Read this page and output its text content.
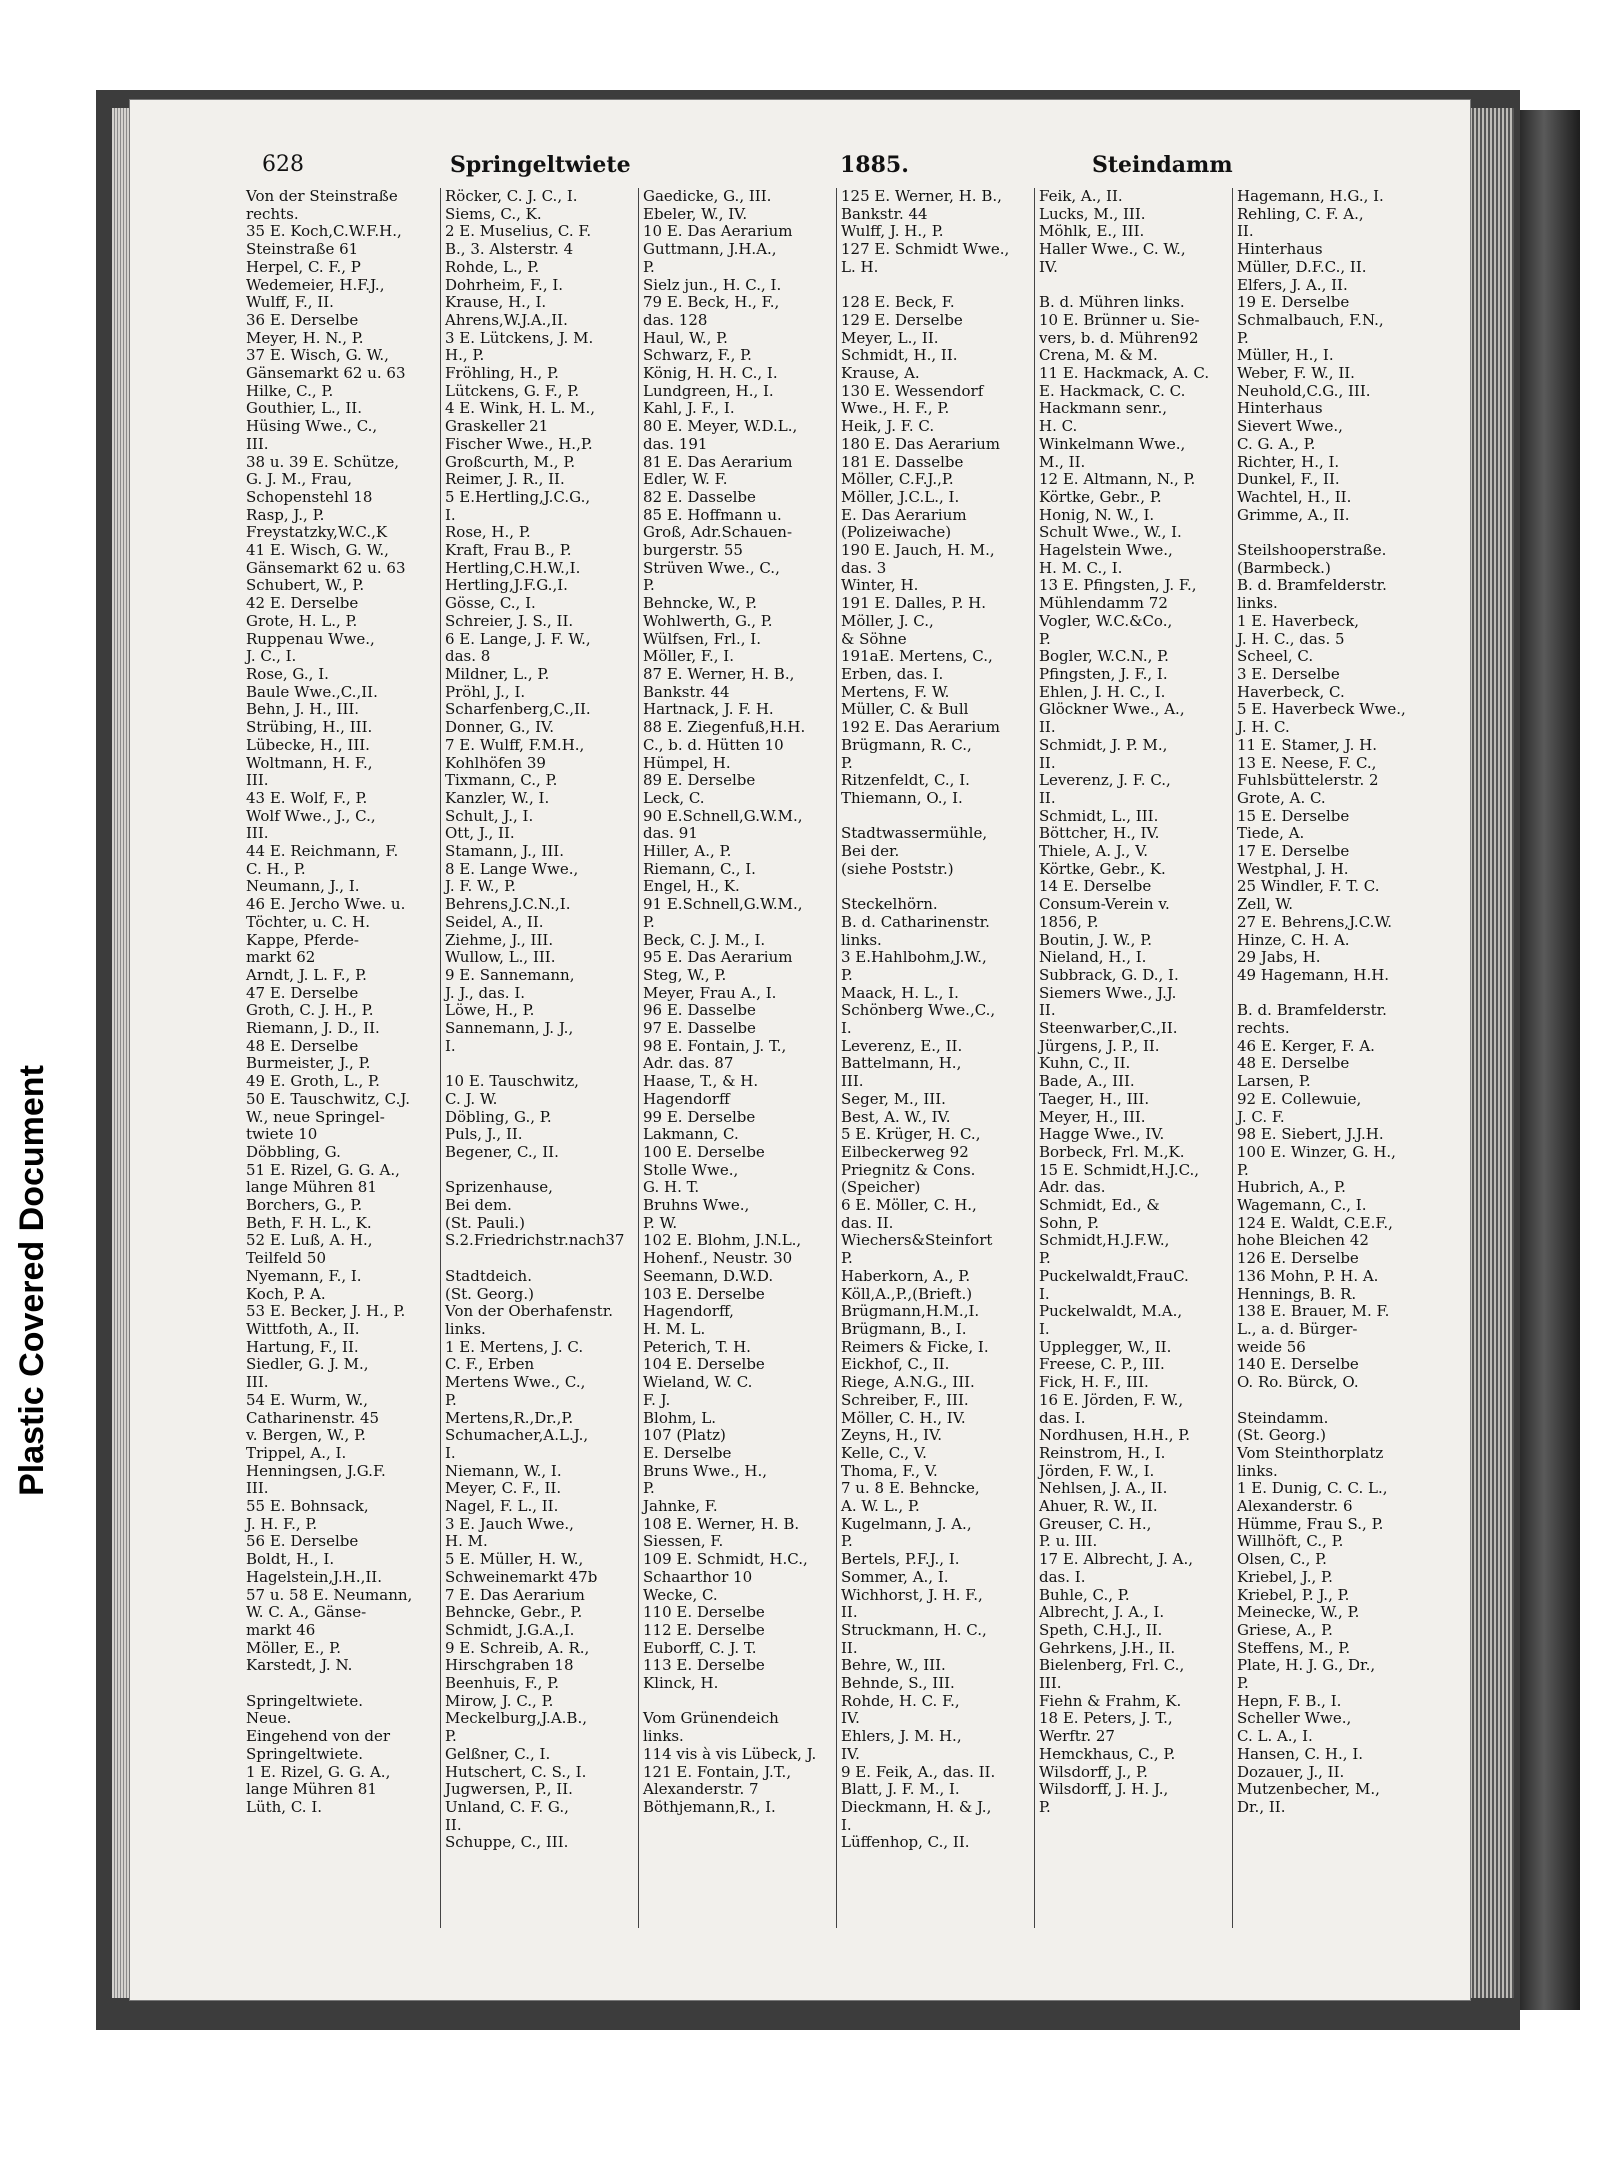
Plastic Covered Document
628	Springeltwiete	1885.	Steindamm
Von der Steinstraße
rechts.
35 E. Koch,C.W.F.H.,
Steinstraße 61
Herpel, C. F., P
Wedemeier, H.F.J.,
Wulff, F., II.
36 E. Derselbe
Meyer, H. N., P.
37 E. Wisch, G. W.,
Gänsemarkt 62 u. 63
Hilke, C., P.
Gouthier, L., II.
Hüsing Wwe., C.,
III.
38 u. 39 E. Schütze,
G. J. M., Frau,
Schopenstehl 18
Rasp, J., P.
Freystatzky,W.C.,K
41 E. Wisch, G. W.,
Gänsemarkt 62 u. 63
Schubert, W., P.
42 E. Derselbe
Grote, H. L., P.
Ruppenau Wwe.,
J. C., I.
Rose, G., I.
Baule Wwe.,C.,II.
Behn, J. H., III.
Strübing, H., III.
Lübecke, H., III.
Woltmann, H. F.,
III.
43 E. Wolf, F., P.
Wolf Wwe., J., C.,
III.
44 E. Reichmann, F.
C. H., P.
Neumann, J., I.
46 E. Jercho Wwe. u.
Töchter, u. C. H.
Kappe, Pferde-
markt 62
Arndt, J. L. F., P.
47 E. Derselbe
Groth, C. J. H., P.
Riemann, J. D., II.
48 E. Derselbe
Burmeister, J., P.
49 E. Groth, L., P.
50 E. Tauschwitz, C.J.
W., neue Springel-
twiete 10
Döbbling, G.
51 E. Rizel, G. G. A.,
lange Mühren 81
Borchers, G., P.
Beth, F. H. L., K.
52 E. Luß, A. H.,
Teilfeld 50
Nyemann, F., I.
Koch, P. A.
53 E. Becker, J. H., P.
Wittfoth, A., II.
Hartung, F., II.
Siedler, G. J. M.,
III.
54 E. Wurm, W.,
Catharinenstr. 45
v. Bergen, W., P.
Trippel, A., I.
Henningsen, J.G.F.
III.
55 E. Bohnsack,
J. H. F., P.
56 E. Derselbe
Boldt, H., I.
Hagelstein,J.H.,II.
57 u. 58 E. Neumann,
W. C. A., Gänse-
markt 46
Möller, E., P.
Karstedt, J. N.

Springeltwiete.
Neue.
Eingehend von der
Springeltwiete.
1 E. Rizel, G. G. A.,
lange Mühren 81
Lüth, C. I.
Röcker, C. J. C., I.
Siems, C., K.
2 E. Muselius, C. F.
B., 3. Alsterstr. 4
Rohde, L., P.
Dohrheim, F., I.
Krause, H., I.
Ahrens,W.J.A.,II.
3 E. Lütckens, J. M.
H., P.
Fröhling, H., P.
Lütckens, G. F., P.
4 E. Wink, H. L. M.,
Graskeller 21
Fischer Wwe., H.,P.
Großcurth, M., P.
Reimer, J. R., II.
5 E.Hertling,J.C.G.,
I.
Rose, H., P.
Kraft, Frau B., P.
Hertling,C.H.W.,I.
Hertling,J.F.G.,I.
Gösse, C., I.
Schreier, J. S., II.
6 E. Lange, J. F. W.,
das. 8
Mildner, L., P.
Pröhl, J., I.
Scharfenberg,C.,II.
Donner, G., IV.
7 E. Wulff, F.M.H.,
Kohlhöfen 39
Tixmann, C., P.
Kanzler, W., I.
Schult, J., I.
Ott, J., II.
Stamann, J., III.
8 E. Lange Wwe.,
J. F. W., P.
Behrens,J.C.N.,I.
Seidel, A., II.
Ziehme, J., III.
Wullow, L., III.
9 E. Sannemann,
J. J., das. I.
Löwe, H., P.
Sannemann, J. J.,
I.

10 E. Tauschwitz,
C. J. W.
Döbling, G., P.
Puls, J., II.
Begener, C., II.

Sprizenhause,
Bei dem.
(St. Pauli.)
S.2.Friedrichstr.nach37

Stadtdeich.
(St. Georg.)
Von der Oberhafenstr.
links.
1 E. Mertens, J. C.
C. F., Erben
Mertens Wwe., C.,
P.
Mertens,R.,Dr.,P.
Schumacher,A.L.J.,
I.
Niemann, W., I.
Meyer, C. F., II.
Nagel, F. L., II.
3 E. Jauch Wwe.,
H. M.
5 E. Müller, H. W.,
Schweinemarkt 47b
7 E. Das Aerarium
Behncke, Gebr., P.
Schmidt, J.G.A.,I.
9 E. Schreib, A. R.,
Hirschgraben 18
Beenhuis, F., P.
Mirow, J. C., P.
Meckelburg,J.A.B.,
P.
Gelßner, C., I.
Hutschert, C. S., I.
Jugwersen, P., II.
Unland, C. F. G.,
II.
Schuppe, C., III.
Gaedicke, G., III.
Ebeler, W., IV.
10 E. Das Aerarium
Guttmann, J.H.A.,
P.
Sielz jun., H. C., I.
79 E. Beck, H., F.,
das. 128
Haul, W., P.
Schwarz, F., P.
König, H. H. C., I.
Lundgreen, H., I.
Kahl, J. F., I.
80 E. Meyer, W.D.L.,
das. 191
81 E. Das Aerarium
Edler, W. F.
82 E. Dasselbe
85 E. Hoffmann u.
Groß, Adr.Schauen-
burgerstr. 55
Strüven Wwe., C.,
P.
Behncke, W., P.
Wohlwerth, G., P.
Wülfsen, Frl., I.
Möller, F., I.
87 E. Werner, H. B.,
Bankstr. 44
Hartnack, J. F. H.
88 E. Ziegenfuß,H.H.
C., b. d. Hütten 10
Hümpel, H.
89 E. Derselbe
Leck, C.
90 E.Schnell,G.W.M.,
das. 91
Hiller, A., P.
Riemann, C., I.
Engel, H., K.
91 E.Schnell,G.W.M.,
P.
Beck, C. J. M., I.
95 E. Das Aerarium
Steg, W., P.
Meyer, Frau A., I.
96 E. Dasselbe
97 E. Dasselbe
98 E. Fontain, J. T.,
Adr. das. 87
Haase, T., & H.
Hagendorff
99 E. Derselbe
Lakmann, C.
100 E. Derselbe
Stolle Wwe.,
G. H. T.
Bruhns Wwe.,
P. W.
102 E. Blohm, J.N.L.,
Hohenf., Neustr. 30
Seemann, D.W.D.
103 E. Derselbe
Hagendorff,
H. M. L.
Peterich, T. H.
104 E. Derselbe
Wieland, W. C.
F. J.
Blohm, L.
107 (Platz)
E. Derselbe
Bruns Wwe., H.,
P.
Jahnke, F.
108 E. Werner, H. B.
Siessen, F.
109 E. Schmidt, H.C.,
Schaarthor 10
Wecke, C.
110 E. Derselbe
112 E. Derselbe
Euborff, C. J. T.
113 E. Derselbe
Klinck, H.

Vom Grünendeich
links.
114 vis à vis Lübeck, J.
121 E. Fontain, J.T.,
Alexanderstr. 7
Böthjemann,R., I.
125 E. Werner, H. B.,
Bankstr. 44
Wulff, J. H., P.
127 E. Schmidt Wwe.,
L. H.

128 E. Beck, F.
129 E. Derselbe
Meyer, L., II.
Schmidt, H., II.
Krause, A.
130 E. Wessendorf
Wwe., H. F., P.
Heik, J. F. C.
180 E. Das Aerarium
181 E. Dasselbe
Möller, C.F.J.,P.
Möller, J.C.L., I.
E. Das Aerarium
(Polizeiwache)
190 E. Jauch, H. M.,
das. 3
Winter, H.
191 E. Dalles, P. H.
Möller, J. C.,
& Söhne
191aE. Mertens, C.,
Erben, das. I.
Mertens, F. W.
Müller, C. & Bull
192 E. Das Aerarium
Brügmann, R. C.,
P.
Ritzenfeldt, C., I.
Thiemann, O., I.

Stadtwassermühle,
Bei der.
(siehe Poststr.)

Steckelhörn.
B. d. Catharinenstr.
links.
3 E.Hahlbohm,J.W.,
P.
Maack, H. L., I.
Schönberg Wwe.,C.,
I.
Leverenz, E., II.
Battelmann, H.,
III.
Seger, M., III.
Best, A. W., IV.
5 E. Krüger, H. C.,
Eilbeckerweg 92
Priegnitz & Cons.
(Speicher)
6 E. Möller, C. H.,
das. II.
Wiechers&Steinfort
P.
Haberkorn, A., P.
Köll,A.,P.,(Brieft.)
Brügmann,H.M.,I.
Brügmann, B., I.
Reimers & Ficke, I.
Eickhof, C., II.
Riege, A.N.G., III.
Schreiber, F., III.
Möller, C. H., IV.
Zeyns, H., IV.
Kelle, C., V.
Thoma, F., V.
7 u. 8 E. Behncke,
A. W. L., P.
Kugelmann, J. A.,
P.
Bertels, P.F.J., I.
Sommer, A., I.
Wichhorst, J. H. F.,
II.
Struckmann, H. C.,
II.
Behre, W., III.
Behnde, S., III.
Rohde, H. C. F.,
IV.
Ehlers, J. M. H.,
IV.
9 E. Feik, A., das. II.
Blatt, J. F. M., I.
Dieckmann, H. & J.,
I.
Lüffenhop, C., II.
Feik, A., II.
Lucks, M., III.
Möhlk, E., III.
Haller Wwe., C. W.,
IV.

B. d. Mühren links.
10 E. Brünner u. Sie-
vers, b. d. Mühren92
Crena, M. & M.
11 E. Hackmack, A. C.
E. Hackmack, C. C.
Hackmann senr.,
H. C.
Winkelmann Wwe.,
M., II.
12 E. Altmann, N., P.
Körtke, Gebr., P.
Honig, N. W., I.
Schult Wwe., W., I.
Hagelstein Wwe.,
H. M. C., I.
13 E. Pfingsten, J. F.,
Mühlendamm 72
Vogler, W.C.&Co.,
P.
Bogler, W.C.N., P.
Pfingsten, J. F., I.
Ehlen, J. H. C., I.
Glöckner Wwe., A.,
II.
Schmidt, J. P. M.,
II.
Leverenz, J. F. C.,
II.
Schmidt, L., III.
Böttcher, H., IV.
Thiele, A. J., V.
Körtke, Gebr., K.
14 E. Derselbe
Consum-Verein v.
1856, P.
Boutin, J. W., P.
Nieland, H., I.
Subbrack, G. D., I.
Siemers Wwe., J.J.
II.
Steenwarber,C.,II.
Jürgens, J. P., II.
Kuhn, C., II.
Bade, A., III.
Taeger, H., III.
Meyer, H., III.
Hagge Wwe., IV.
Borbeck, Frl. M.,K.
15 E. Schmidt,H.J.C.,
Adr. das.
Schmidt, Ed., &
Sohn, P.
Schmidt,H.J.F.W.,
P.
Puckelwaldt,FrauC.
I.
Puckelwaldt, M.A.,
I.
Upplegger, W., II.
Freese, C. P., III.
Fick, H. F., III.
16 E. Jörden, F. W.,
das. I.
Nordhusen, H.H., P.
Reinstrom, H., I.
Jörden, F. W., I.
Nehlsen, J. A., II.
Ahuer, R. W., II.
Greuser, C. H.,
P. u. III.
17 E. Albrecht, J. A.,
das. I.
Buhle, C., P.
Albrecht, J. A., I.
Speth, C.H.J., II.
Gehrkens, J.H., II.
Bielenberg, Frl. C.,
III.
Fiehn & Frahm, K.
18 E. Peters, J. T.,
Werftr. 27
Hemckhaus, C., P.
Wilsdorff, J., P.
Wilsdorff, J. H. J.,
P.
Hagemann, H.G., I.
Rehling, C. F. A.,
II.
Hinterhaus
Müller, D.F.C., II.
Elfers, J. A., II.
19 E. Derselbe
Schmalbauch, F.N.,
P.
Müller, H., I.
Weber, F. W., II.
Neuhold,C.G., III.
Hinterhaus
Sievert Wwe.,
C. G. A., P.
Richter, H., I.
Dunkel, F., II.
Wachtel, H., II.
Grimme, A., II.

Steilshooperstraße.
(Barmbeck.)
B. d. Bramfelderstr.
links.
1 E. Haverbeck,
J. H. C., das. 5
Scheel, C.
3 E. Derselbe
Haverbeck, C.
5 E. Haverbeck Wwe.,
J. H. C.
11 E. Stamer, J. H.
13 E. Neese, F. C.,
Fuhlsbüttelerstr. 2
Grote, A. C.
15 E. Derselbe
Tiede, A.
17 E. Derselbe
Westphal, J. H.
25 Windler, F. T. C.
Zell, W.
27 E. Behrens,J.C.W.
Hinze, C. H. A.
29 Jabs, H.
49 Hagemann, H.H.

B. d. Bramfelderstr.
rechts.
46 E. Kerger, F. A.
48 E. Derselbe
Larsen, P.
92 E. Collewuie,
J. C. F.
98 E. Siebert, J.J.H.
100 E. Winzer, G. H.,
P.
Hubrich, A., P.
Wagemann, C., I.
124 E. Waldt, C.E.F.,
hohe Bleichen 42
126 E. Derselbe
136 Mohn, P. H. A.
Hennings, B. R.
138 E. Brauer, M. F.
L., a. d. Bürger-
weide 56
140 E. Derselbe
O. Ro. Bürck, O.

Steindamm.
(St. Georg.)
Vom Steinthorplatz
links.
1 E. Dunig, C. C. L.,
Alexanderstr. 6
Hümme, Frau S., P.
Willhöft, C., P.
Olsen, C., P.
Kriebel, J., P.
Kriebel, P. J., P.
Meinecke, W., P.
Griese, A., P.
Steffens, M., P.
Plate, H. J. G., Dr.,
P.
Hepn, F. B., I.
Scheller Wwe.,
C. L. A., I.
Hansen, C. H., I.
Dozauer, J., II.
Mutzenbecher, M.,
Dr., II.
